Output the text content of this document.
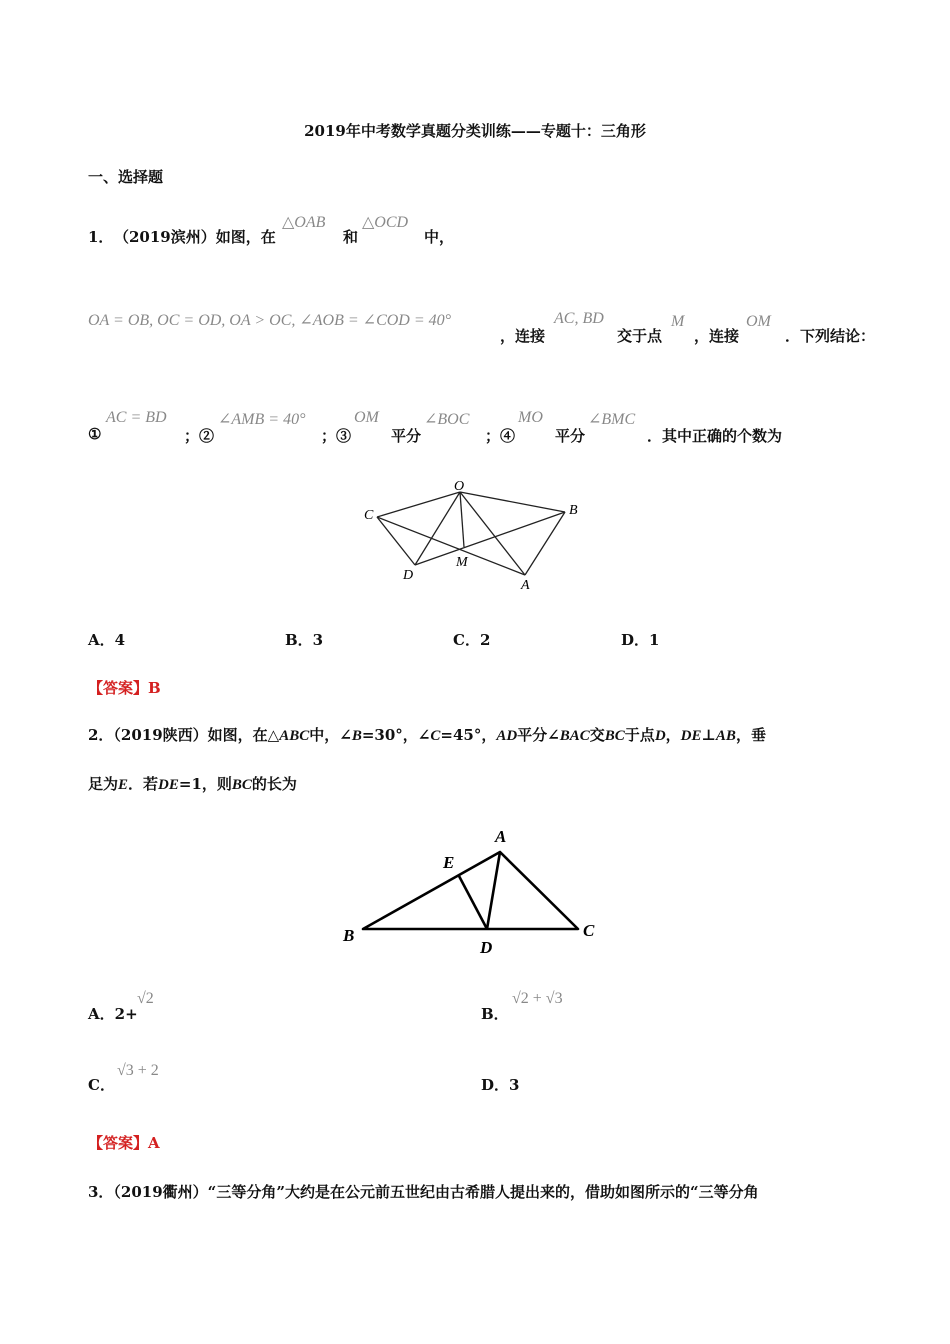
2019年中考数学真题分类训练——专题十：三角形
一、选择题
1． （2019滨州）如图，在
△OAB
和
△OCD
中，
OA = OB, OC = OD, OA > OC, ∠AOB = ∠COD = 40°
，连接
AC, BD
交于点
M
，连接
OM
．下列结论：
①
AC = BD
；②
∠AMB = 40°
；③
OM
平分
∠BOC
；④
MO
平分
∠BMC
．其中正确的个数为
O
C	B
D
M
A
A．4	B．3	C．2	D．1
【答案】B
2．（2019陕西）如图，在△ABC中，∠B=30°，∠C=45°，AD平分∠BAC交BC于点D，DE⊥AB，垂
足为E．若DE=1，则BC的长为
A
B	C
D
E
A．2+
√2
B．
√2 + √3
C．
√3 + 2
D．3
【答案】A
3．（2019衢州）“三等分角”大约是在公元前五世纪由古希腊人提出来的，借助如图所示的“三等分角
